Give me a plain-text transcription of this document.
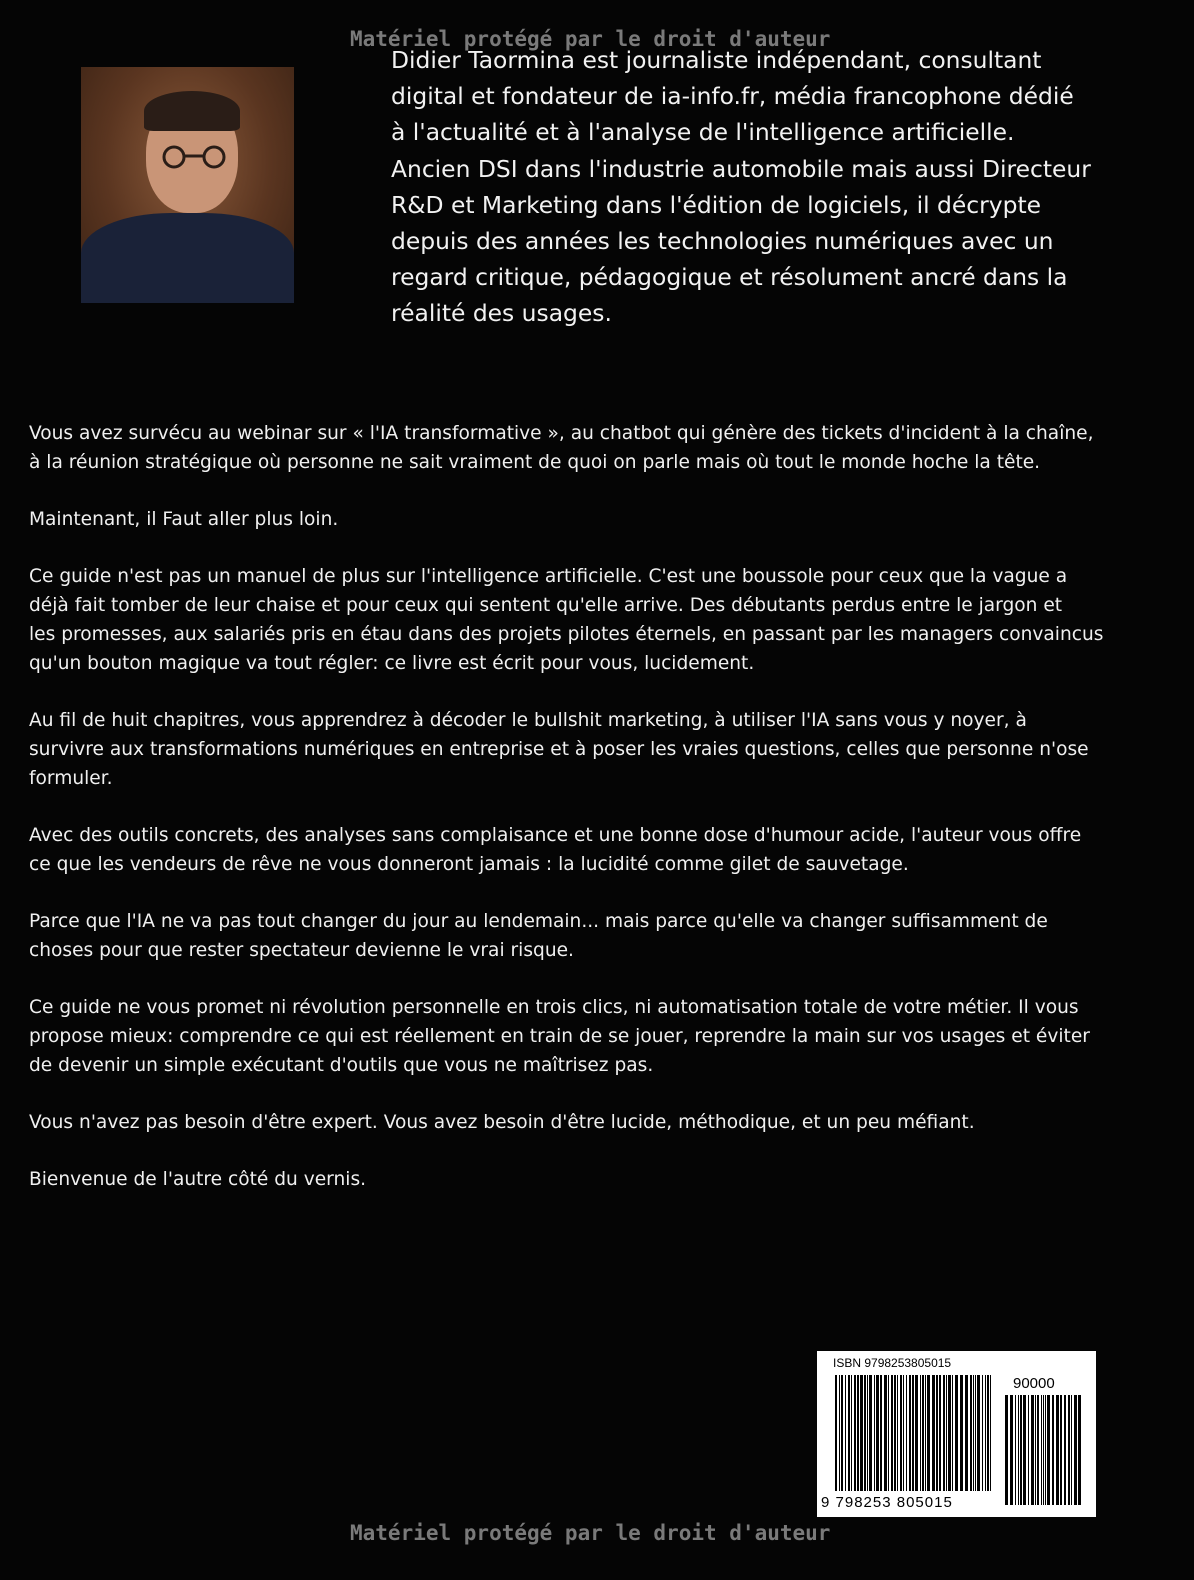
Matériel protégé par le droit d'auteur
Didier Taormina est journaliste indépendant, consultant
digital et fondateur de ia-info.fr, média francophone dédié
à l'actualité et à l'analyse de l'intelligence artificielle.
Ancien DSI dans l'industrie automobile mais aussi Directeur
R&D et Marketing dans l'édition de logiciels, il décrypte
depuis des années les technologies numériques avec un
regard critique, pédagogique et résolument ancré dans la
réalité des usages.

Vous avez survécu au webinar sur « l'IA transformative », au chatbot qui génère des tickets d'incident à la chaîne,
à la réunion stratégique où personne ne sait vraiment de quoi on parle mais où tout le monde hoche la tête.

Maintenant, il Faut aller plus loin.

Ce guide n'est pas un manuel de plus sur l'intelligence artificielle. C'est une boussole pour ceux que la vague a
déjà fait tomber de leur chaise et pour ceux qui sentent qu'elle arrive. Des débutants perdus entre le jargon et
les promesses, aux salariés pris en étau dans des projets pilotes éternels, en passant par les managers convaincus
qu'un bouton magique va tout régler: ce livre est écrit pour vous, lucidement.

Au fil de huit chapitres, vous apprendrez à décoder le bullshit marketing, à utiliser l'IA sans vous y noyer, à
survivre aux transformations numériques en entreprise et à poser les vraies questions, celles que personne n'ose
formuler.

Avec des outils concrets, des analyses sans complaisance et une bonne dose d'humour acide, l'auteur vous offre
ce que les vendeurs de rêve ne vous donneront jamais : la lucidité comme gilet de sauvetage.

Parce que l'IA ne va pas tout changer du jour au lendemain... mais parce qu'elle va changer suffisamment de
choses pour que rester spectateur devienne le vrai risque.

Ce guide ne vous promet ni révolution personnelle en trois clics, ni automatisation totale de votre métier. Il vous
propose mieux: comprendre ce qui est réellement en train de se jouer, reprendre la main sur vos usages et éviter
de devenir un simple exécutant d'outils que vous ne maîtrisez pas.

Vous n'avez pas besoin d'être expert. Vous avez besoin d'être lucide, méthodique, et un peu méfiant.

Bienvenue de l'autre côté du vernis.

ISBN 9798253805015
90000
9 798253 805015
Matériel protégé par le droit d'auteur
